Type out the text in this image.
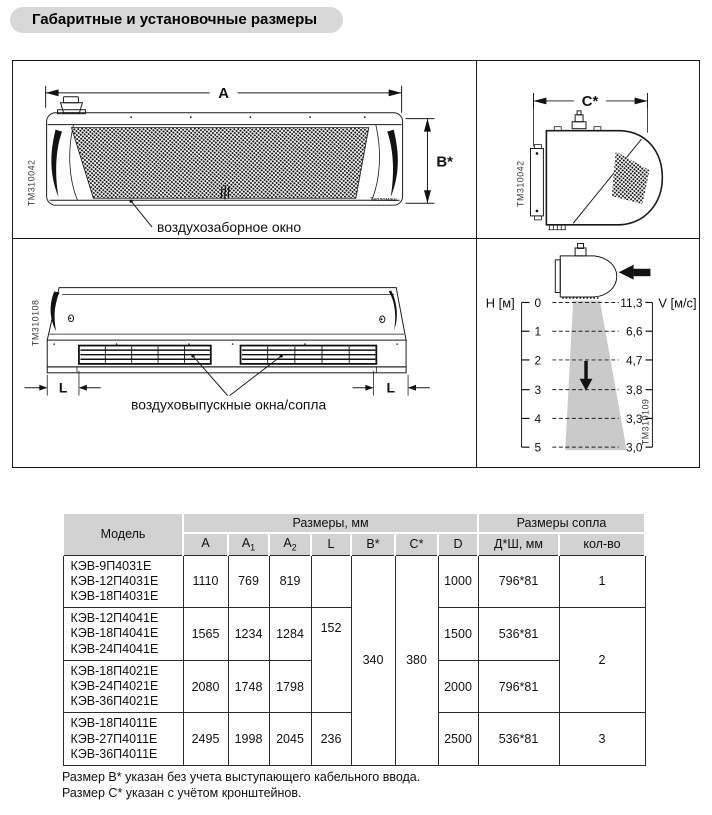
Габаритные и установочные размеры
A
Тепломаш
B*
воздухозаборное окно
TM310042
C*
TM310042
L	L
воздуховыпускные окна/сопла
TM310108	0
1
2
3
4
5
H [м]	11,3
6,6
4,7
3,8
3,3
3,0
V [м/с]
TM310109
Модель	Размеры, мм							Размеры сопла	
	A	$A_1$	$A_2$	L	B*	C*	D	Д*Ш, мм	кол-во

КЭВ-9П4031Е
КЭВ-12П4031Е
КЭВ-18П4031Е	1110	769	819		340	380	1000	796*81	1

КЭВ-12П4041Е
КЭВ-18П4041Е
КЭВ-24П4041Е	1565	1234	1284	152			1500	536*81	2

КЭВ-18П4021Е
КЭВ-24П4021Е
КЭВ-36П4021Е	2080	1748	1798				2000	796*81	

КЭВ-18П4011Е
КЭВ-27П4011Е
КЭВ-36П4011Е	2495	1998	2045	236			2500	536*81	3

Размер B* указан без учета выступающего кабельного ввода.

Размер C* указан с учётом кронштейнов.
